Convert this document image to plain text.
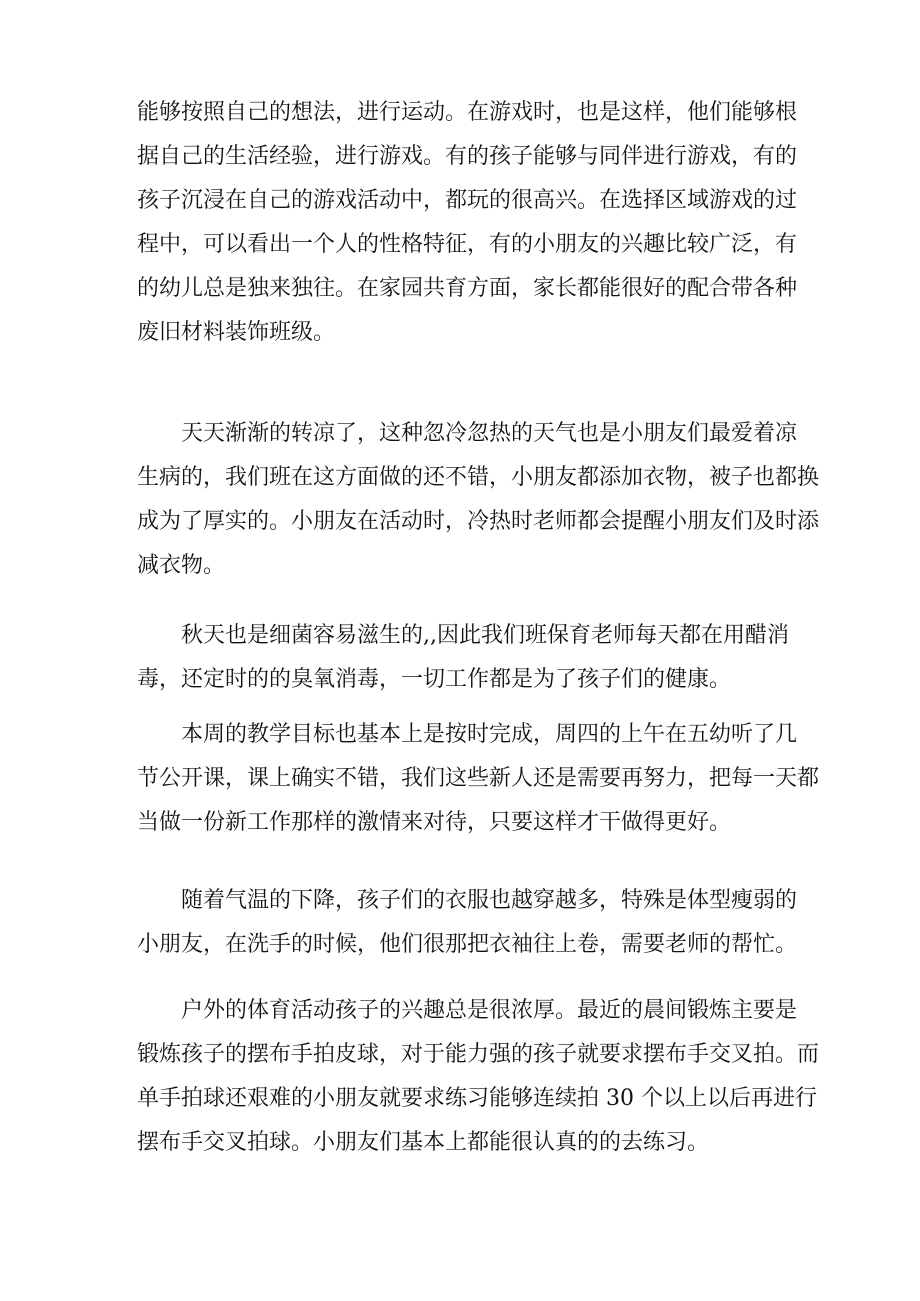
能够按照自己的想法，进行运动。在游戏时，也是这样，他们能够根
据自己的生活经验，进行游戏。有的孩子能够与同伴进行游戏，有的
孩子沉浸在自己的游戏活动中，都玩的很高兴。在选择区域游戏的过
程中，可以看出一个人的性格特征，有的小朋友的兴趣比较广泛，有
的幼儿总是独来独往。在家园共育方面，家长都能很好的配合带各种
废旧材料装饰班级。

天天渐渐的转凉了，这种忽冷忽热的天气也是小朋友们最爱着凉
生病的，我们班在这方面做的还不错，小朋友都添加衣物，被子也都换
成为了厚实的。小朋友在活动时，冷热时老师都会提醒小朋友们及时添
减衣物。

秋天也是细菌容易滋生的,,因此我们班保育老师每天都在用醋消
毒，还定时的的臭氧消毒，一切工作都是为了孩子们的健康。

本周的教学目标也基本上是按时完成，周四的上午在五幼听了几
节公开课，课上确实不错，我们这些新人还是需要再努力，把每一天都
当做一份新工作那样的激情来对待，只要这样才干做得更好。

随着气温的下降，孩子们的衣服也越穿越多，特殊是体型瘦弱的
小朋友，在洗手的时候，他们很那把衣袖往上卷，需要老师的帮忙。

户外的体育活动孩子的兴趣总是很浓厚。最近的晨间锻炼主要是
锻炼孩子的摆布手拍皮球，对于能力强的孩子就要求摆布手交叉拍。而
单手拍球还艰难的小朋友就要求练习能够连续拍 30 个以上以后再进行
摆布手交叉拍球。小朋友们基本上都能很认真的的去练习。
